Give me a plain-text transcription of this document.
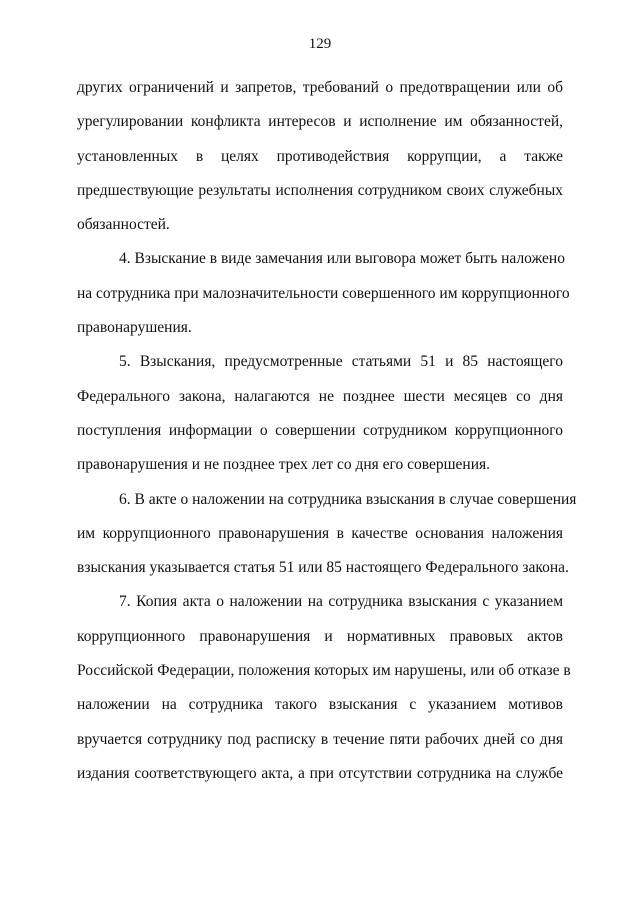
129
других ограничений и запретов, требований о предотвращении или об
урегулировании конфликта интересов и исполнение им обязанностей,
установленных в целях противодействия коррупции, а также
предшествующие результаты исполнения сотрудником своих служебных
обязанностей.
4. Взыскание в виде замечания или выговора может быть наложено
на сотрудника при малозначительности совершенного им коррупционного
правонарушения.
5. Взыскания, предусмотренные статьями 51 и 85 настоящего
Федерального закона, налагаются не позднее шести месяцев со дня
поступления информации о совершении сотрудником коррупционного
правонарушения и не позднее трех лет со дня его совершения.
6. В акте о наложении на сотрудника взыскания в случае совершения
им коррупционного правонарушения в качестве основания наложения
взыскания указывается статья 51 или 85 настоящего Федерального закона.
7. Копия акта о наложении на сотрудника взыскания с указанием
коррупционного правонарушения и нормативных правовых актов
Российской Федерации, положения которых им нарушены, или об отказе в
наложении на сотрудника такого взыскания с указанием мотивов
вручается сотруднику под расписку в течение пяти рабочих дней со дня
издания соответствующего акта, а при отсутствии сотрудника на службе
